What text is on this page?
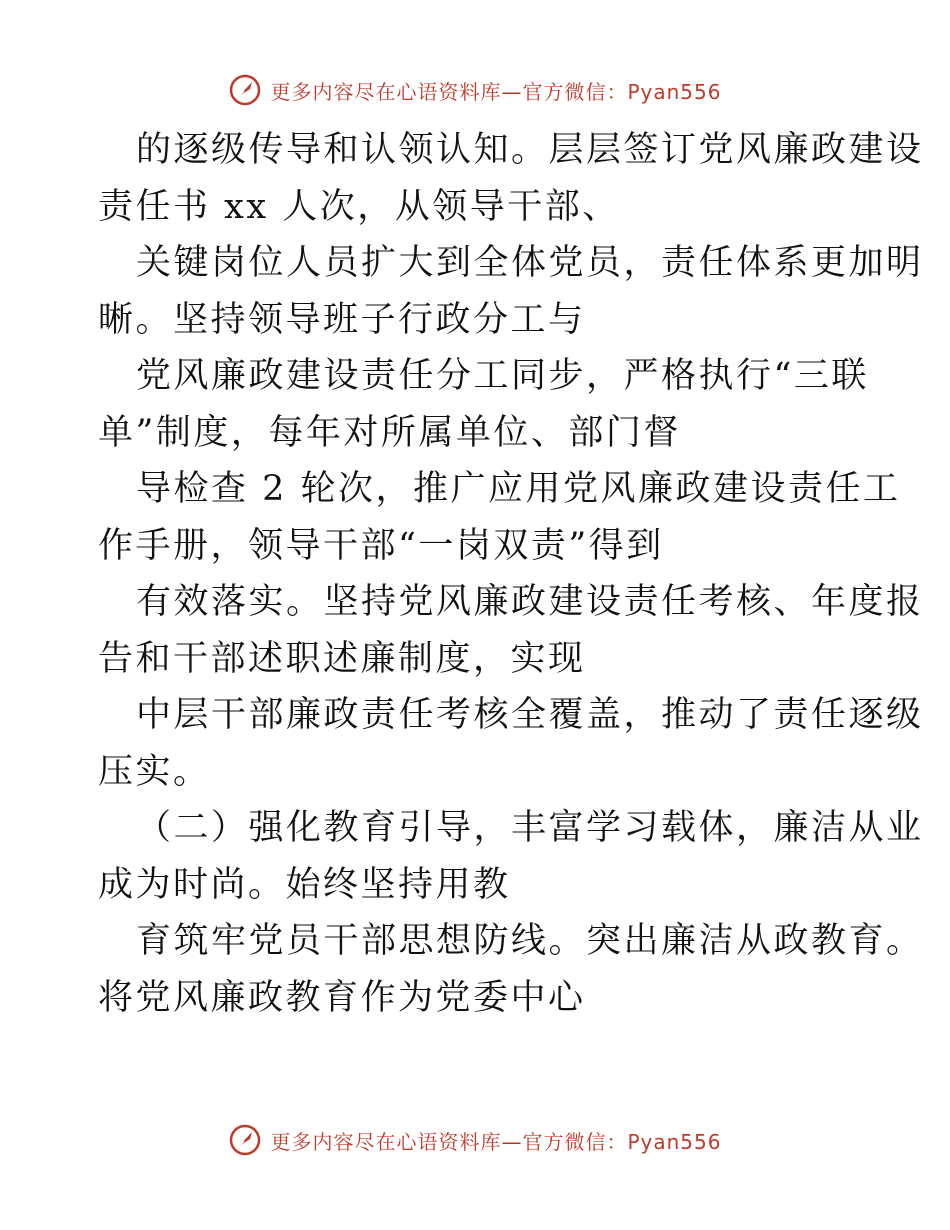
更多内容尽在心语资料库—官方微信：Pyan556
的逐级传导和认领认知。层层签订党风廉政建设
责任书 xx 人次，从领导干部、
关键岗位人员扩大到全体党员，责任体系更加明
晰。坚持领导班子行政分工与
党风廉政建设责任分工同步，严格执行“三联
单”制度，每年对所属单位、部门督
导检查 2 轮次，推广应用党风廉政建设责任工
作手册，领导干部“一岗双责”得到
有效落实。坚持党风廉政建设责任考核、年度报
告和干部述职述廉制度，实现
中层干部廉政责任考核全覆盖，推动了责任逐级
压实。
（二）强化教育引导，丰富学习载体，廉洁从业
成为时尚。始终坚持用教
育筑牢党员干部思想防线。突出廉洁从政教育。
将党风廉政教育作为党委中心
更多内容尽在心语资料库—官方微信：Pyan556
